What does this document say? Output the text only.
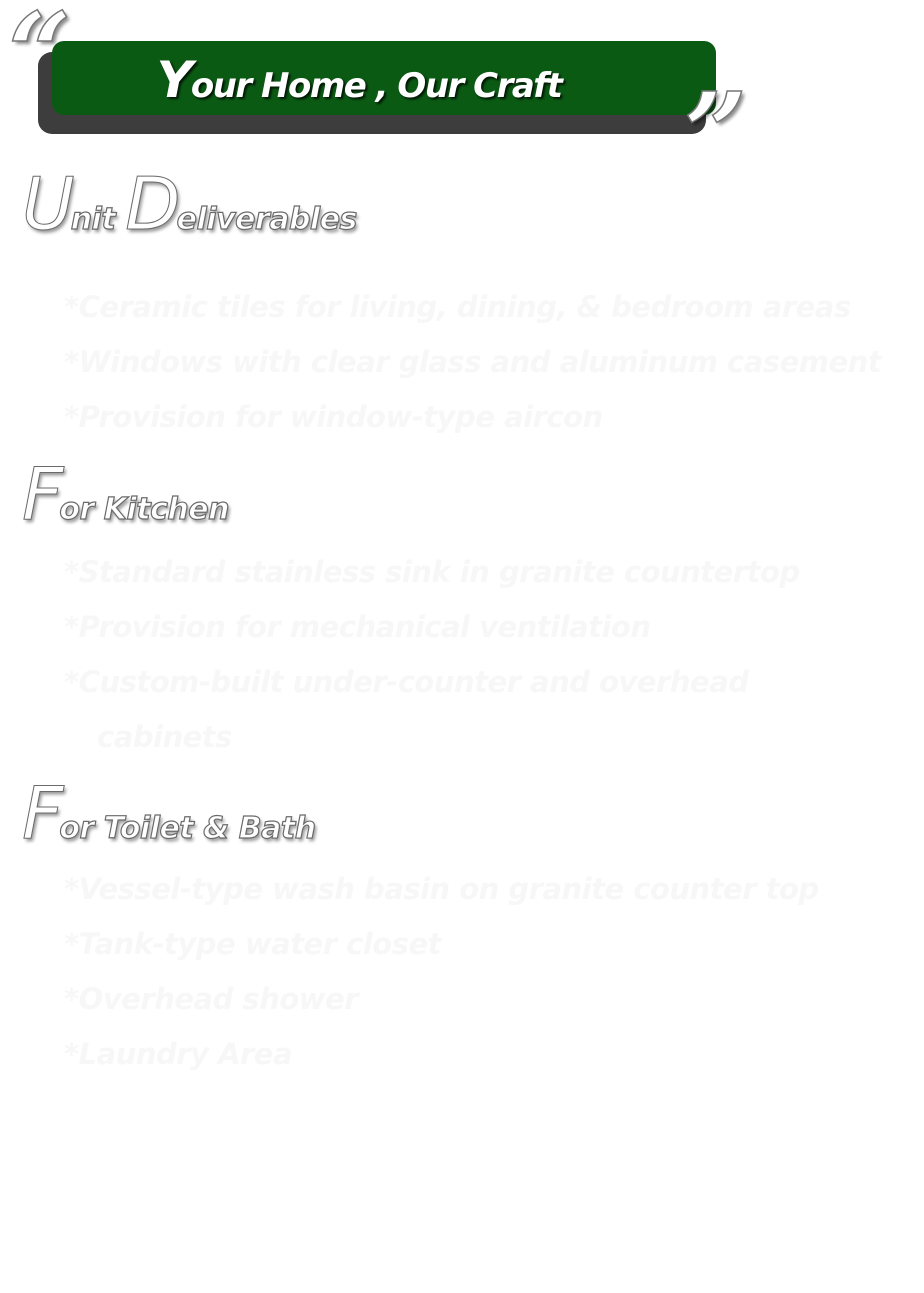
Your Home , Our Craft
“
”
Unit Deliverables
*Ceramic tiles for living, dining, & bedroom areas
*Windows with clear glass and aluminum casement
*Provision for window-type aircon
For Kitchen
*Standard stainless sink in granite countertop
*Provision for mechanical ventilation
*Custom-built under-counter and overhead cabinets
For Toilet & Bath
*Vessel-type wash basin on granite counter top
*Tank-type water closet
*Overhead shower
*Laundry Area
